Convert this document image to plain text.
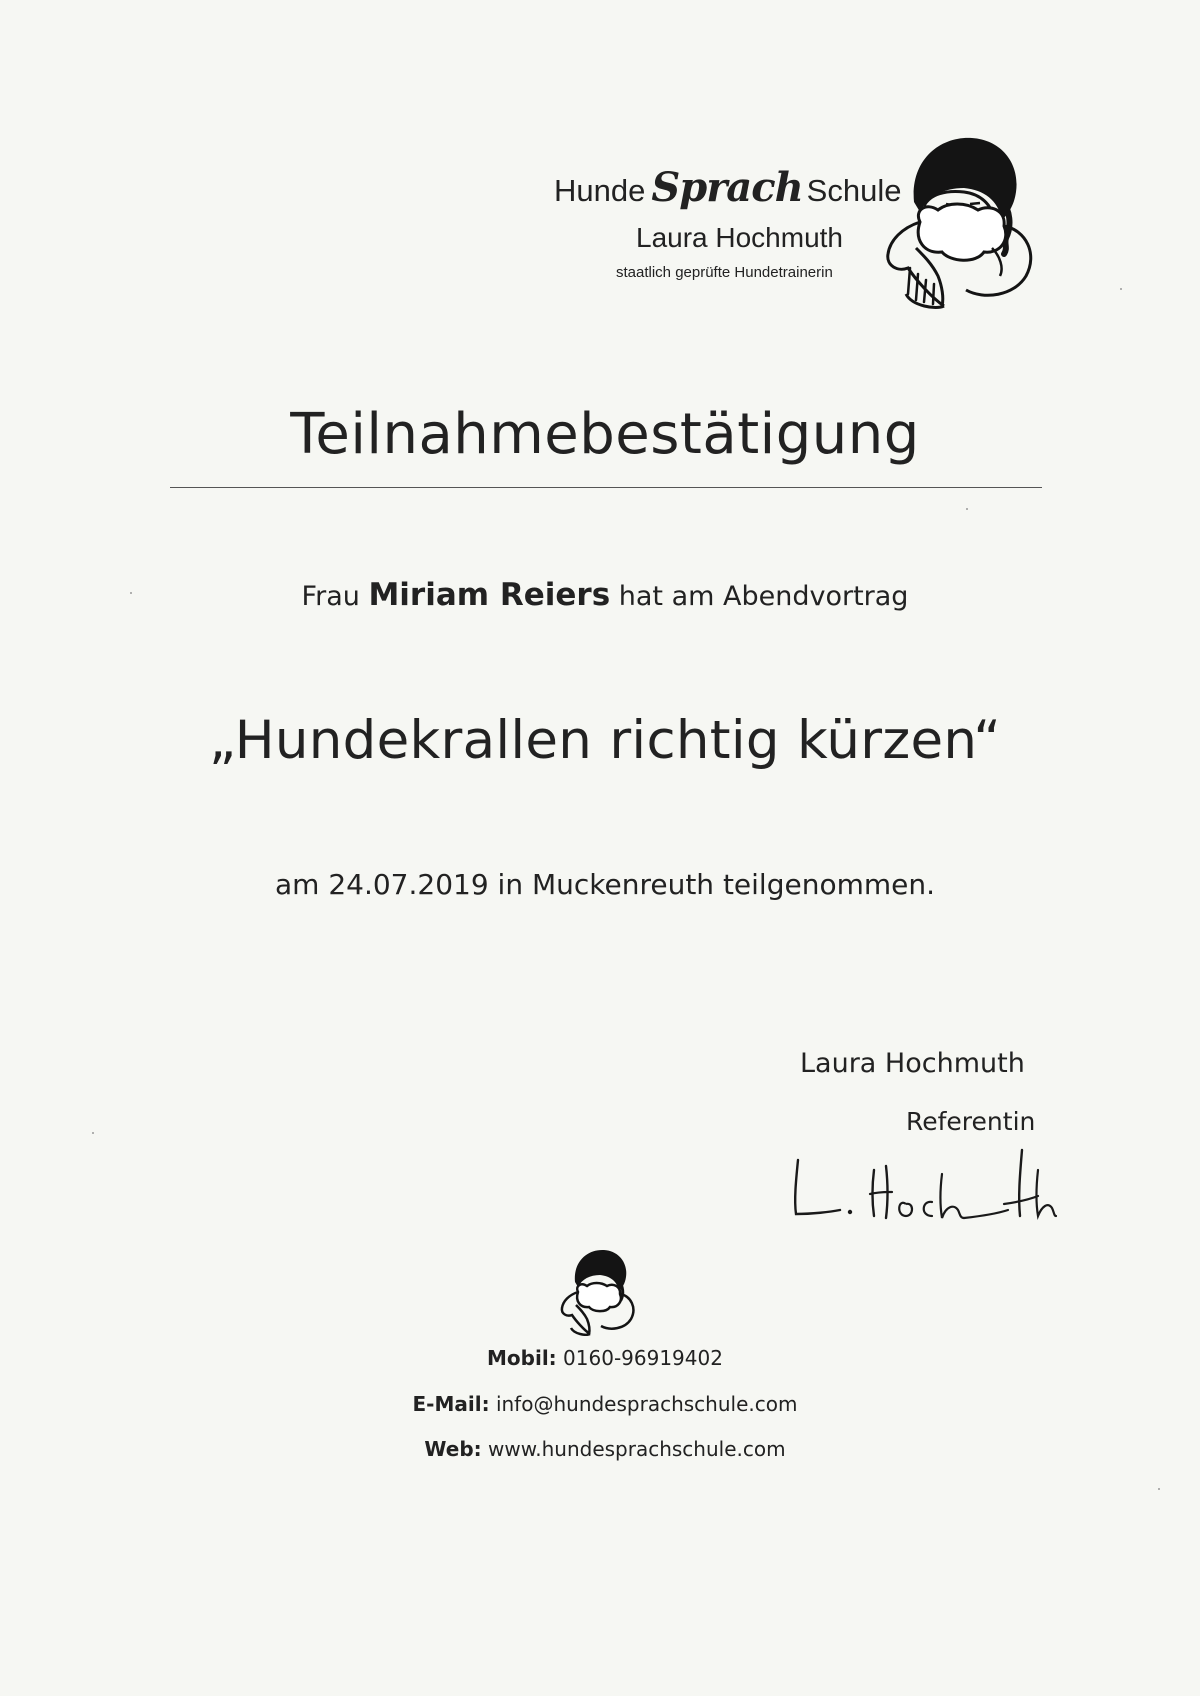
Hunde Sprach Schule
Laura Hochmuth
staatlich geprüfte Hundetrainerin
Teilnahmebestätigung
Frau Miriam Reiers hat am Abendvortrag
„Hundekrallen richtig kürzen“
am 24.07.2019 in Muckenreuth teilgenommen.
Laura Hochmuth
Referentin
Mobil: 0160-96919402
E-Mail: info@hundesprachschule.com
Web: www.hundesprachschule.com
